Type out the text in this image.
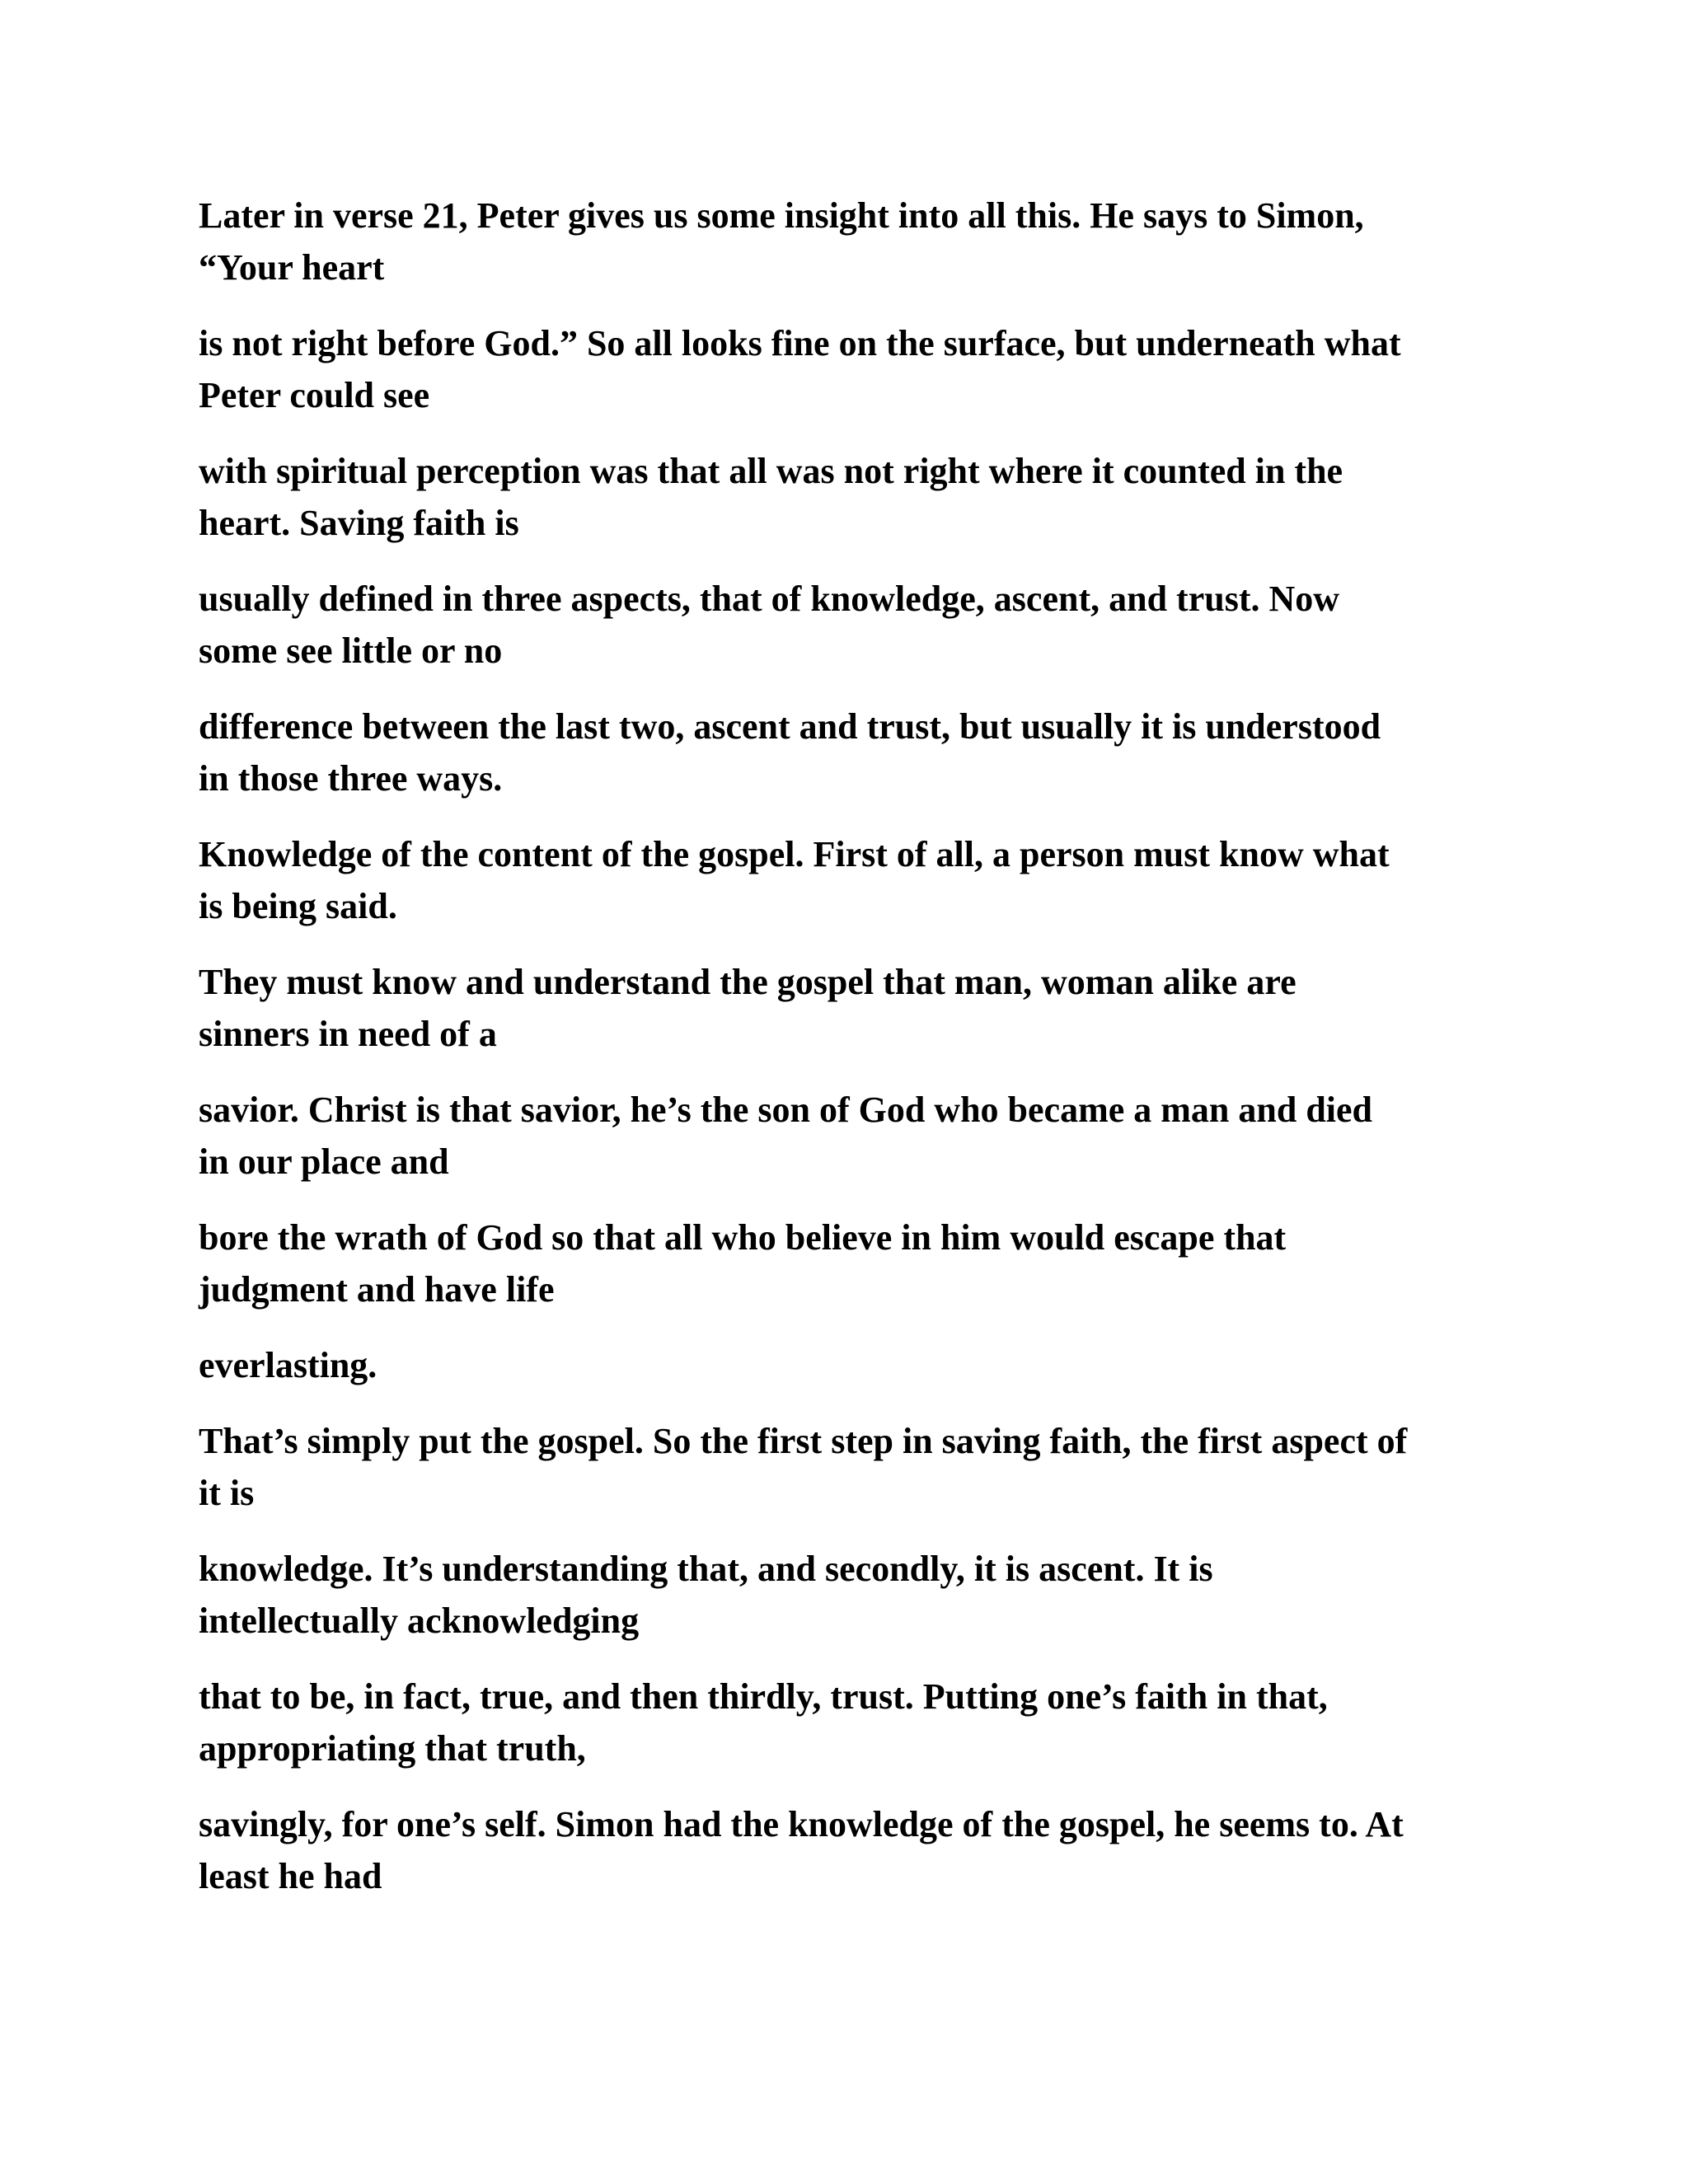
Later in verse 21, Peter gives us some insight into all this. He says to Simon,
“Your heart

is not right before God.” So all looks fine on the surface, but underneath what
Peter could see

with spiritual perception was that all was not right where it counted in the
heart. Saving faith is

usually defined in three aspects, that of knowledge, ascent, and trust. Now
some see little or no

difference between the last two, ascent and trust, but usually it is understood
in those three ways.

Knowledge of the content of the gospel. First of all, a person must know what
is being said.

They must know and understand the gospel that man, woman alike are
sinners in need of a

savior. Christ is that savior, he’s the son of God who became a man and died
in our place and

bore the wrath of God so that all who believe in him would escape that
judgment and have life

everlasting.

That’s simply put the gospel. So the first step in saving faith, the first aspect of
it is

knowledge. It’s understanding that, and secondly, it is ascent. It is
intellectually acknowledging

that to be, in fact, true, and then thirdly, trust. Putting one’s faith in that,
appropriating that truth,

savingly, for one’s self. Simon had the knowledge of the gospel, he seems to. At
least he had
